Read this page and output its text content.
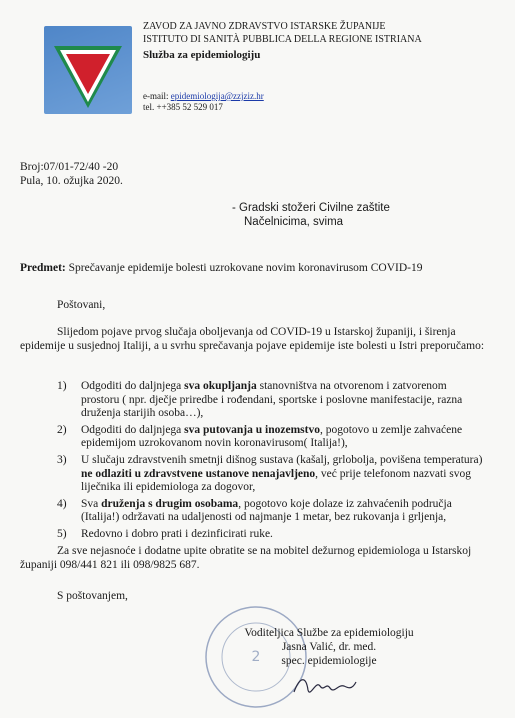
ZAVOD ZA JAVNO ZDRAVSTVO ISTARSKE ŽUPANIJE
ISTITUTO DI SANITÀ PUBBLICA DELLA REGIONE ISTRIANA
Služba za epidemiologiju
e-mail: epidemiologija@zzjziz.hr
tel. ++385 52 529 017
Broj:07/01-72/40 -20
Pula, 10. ožujka 2020.
- Gradski stožeri Civilne zaštite
Načelnicima, svima
Predmet: Sprečavanje epidemije bolesti uzrokovane novim koronavirusom COVID-19
Poštovani,
Slijedom pojave prvog slučaja oboljevanja od COVID-19 u Istarskoj županiji, i širenja
epidemije u susjednoj Italiji, a u svrhu sprečavanja pojave epidemije iste bolesti u Istri preporučamo:
1) Odgoditi do daljnjega sva okupljanja stanovništva na otvorenom i zatvorenom prostoru ( npr. dječje priredbe i rođendani, sportske i poslovne manifestacije, razna druženja starijih osoba…),
2) Odgoditi do daljnjega sva putovanja u inozemstvo, pogotovo u zemlje zahvaćene epidemijom uzrokovanom novin koronavirusom( Italija!),
3) U slučaju zdravstvenih smetnji dišnog sustava (kašalj, grlobolja, povišena temperatura) ne odlaziti u zdravstvene ustanove nenajavljeno, već prije telefonom nazvati svog liječnika ili epidemiologa za dogovor,
4) Sva druženja s drugim osobama, pogotovo koje dolaze iz zahvaćenih područja (Italija!) održavati na udaljenosti od najmanje 1 metar, bez rukovanja i grljenja,
5) Redovno i dobro prati i dezinficirati ruke.
Za sve nejasnoće i dodatne upite obratite se na mobitel dežurnog epidemiologa u Istarskoj
županiji 098/441 821 ili 098/9825 687.
S poštovanjem,
2
Voditeljica Službe za epidemiologiju
Jasna Valić, dr. med.
spec. epidemiologije
